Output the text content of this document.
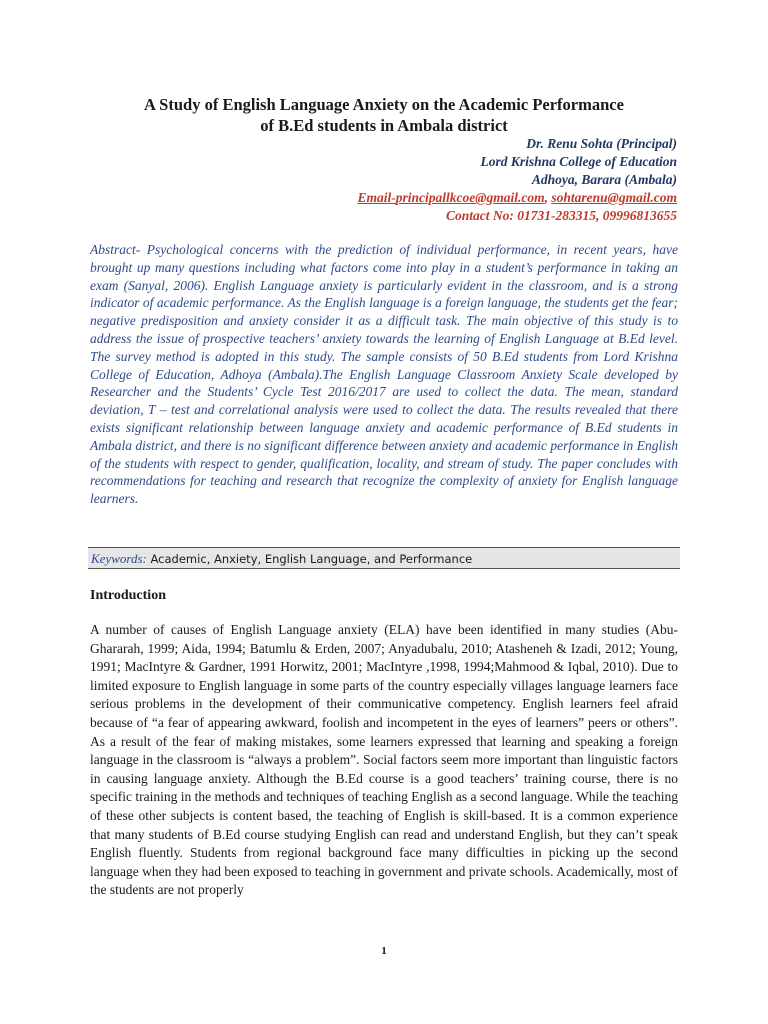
A Study of English Language Anxiety on the Academic Performance
of B.Ed students in Ambala district
Dr. Renu Sohta (Principal)
Lord Krishna College of Education
Adhoya, Barara (Ambala)
Email-principallkcoe@gmail.com, sohtarenu@gmail.com
Contact No: 01731-283315, 09996813655
Abstract- Psychological concerns with the prediction of individual performance, in recent years, have brought up many questions including what factors come into play in a student’s performance in taking an exam (Sanyal, 2006). English Language anxiety is particularly evident in the classroom, and is a strong indicator of academic performance. As the English language is a foreign language, the students get the fear; negative predisposition and anxiety consider it as a difficult task. The main objective of this study is to address the issue of prospective teachers’ anxiety towards the learning of English Language at B.Ed level. The survey method is adopted in this study. The sample consists of 50 B.Ed students from Lord Krishna College of Education, Adhoya (Ambala).The English Language Classroom Anxiety Scale developed by Researcher and the Students’ Cycle Test 2016/2017 are used to collect the data. The mean, standard deviation, T – test and correlational analysis were used to collect the data. The results revealed that there exists significant relationship between language anxiety and academic performance of B.Ed students in Ambala district, and there is no significant difference between anxiety and academic performance in English of the students with respect to gender, qualification, locality, and stream of study. The paper concludes with recommendations for teaching and research that recognize the complexity of anxiety for English language learners.
Keywords: Academic, Anxiety, English Language, and Performance
Introduction
A number of causes of English Language anxiety (ELA) have been identified in many studies (Abu-Ghararah, 1999; Aida, 1994; Batumlu & Erden, 2007; Anyadubalu, 2010; Atasheneh & Izadi, 2012; Young, 1991; MacIntyre & Gardner, 1991 Horwitz, 2001; MacIntyre ,1998, 1994;Mahmood & Iqbal, 2010). Due to limited exposure to English language in some parts of the country especially villages language learners face serious problems in the development of their communicative competency. English learners feel afraid because of “a fear of appearing awkward, foolish and incompetent in the eyes of learners” peers or others”. As a result of the fear of making mistakes, some learners expressed that learning and speaking a foreign language in the classroom is “always a problem”. Social factors seem more important than linguistic factors in causing language anxiety. Although the B.Ed course is a good teachers’ training course, there is no specific training in the methods and techniques of teaching English as a second language. While the teaching of these other subjects is content based, the teaching of English is skill-based. It is a common experience that many students of B.Ed course studying English can read and understand English, but they can’t speak English fluently. Students from regional background face many difficulties in picking up the second language when they had been exposed to teaching in government and private schools. Academically, most of the students are not properly
1
